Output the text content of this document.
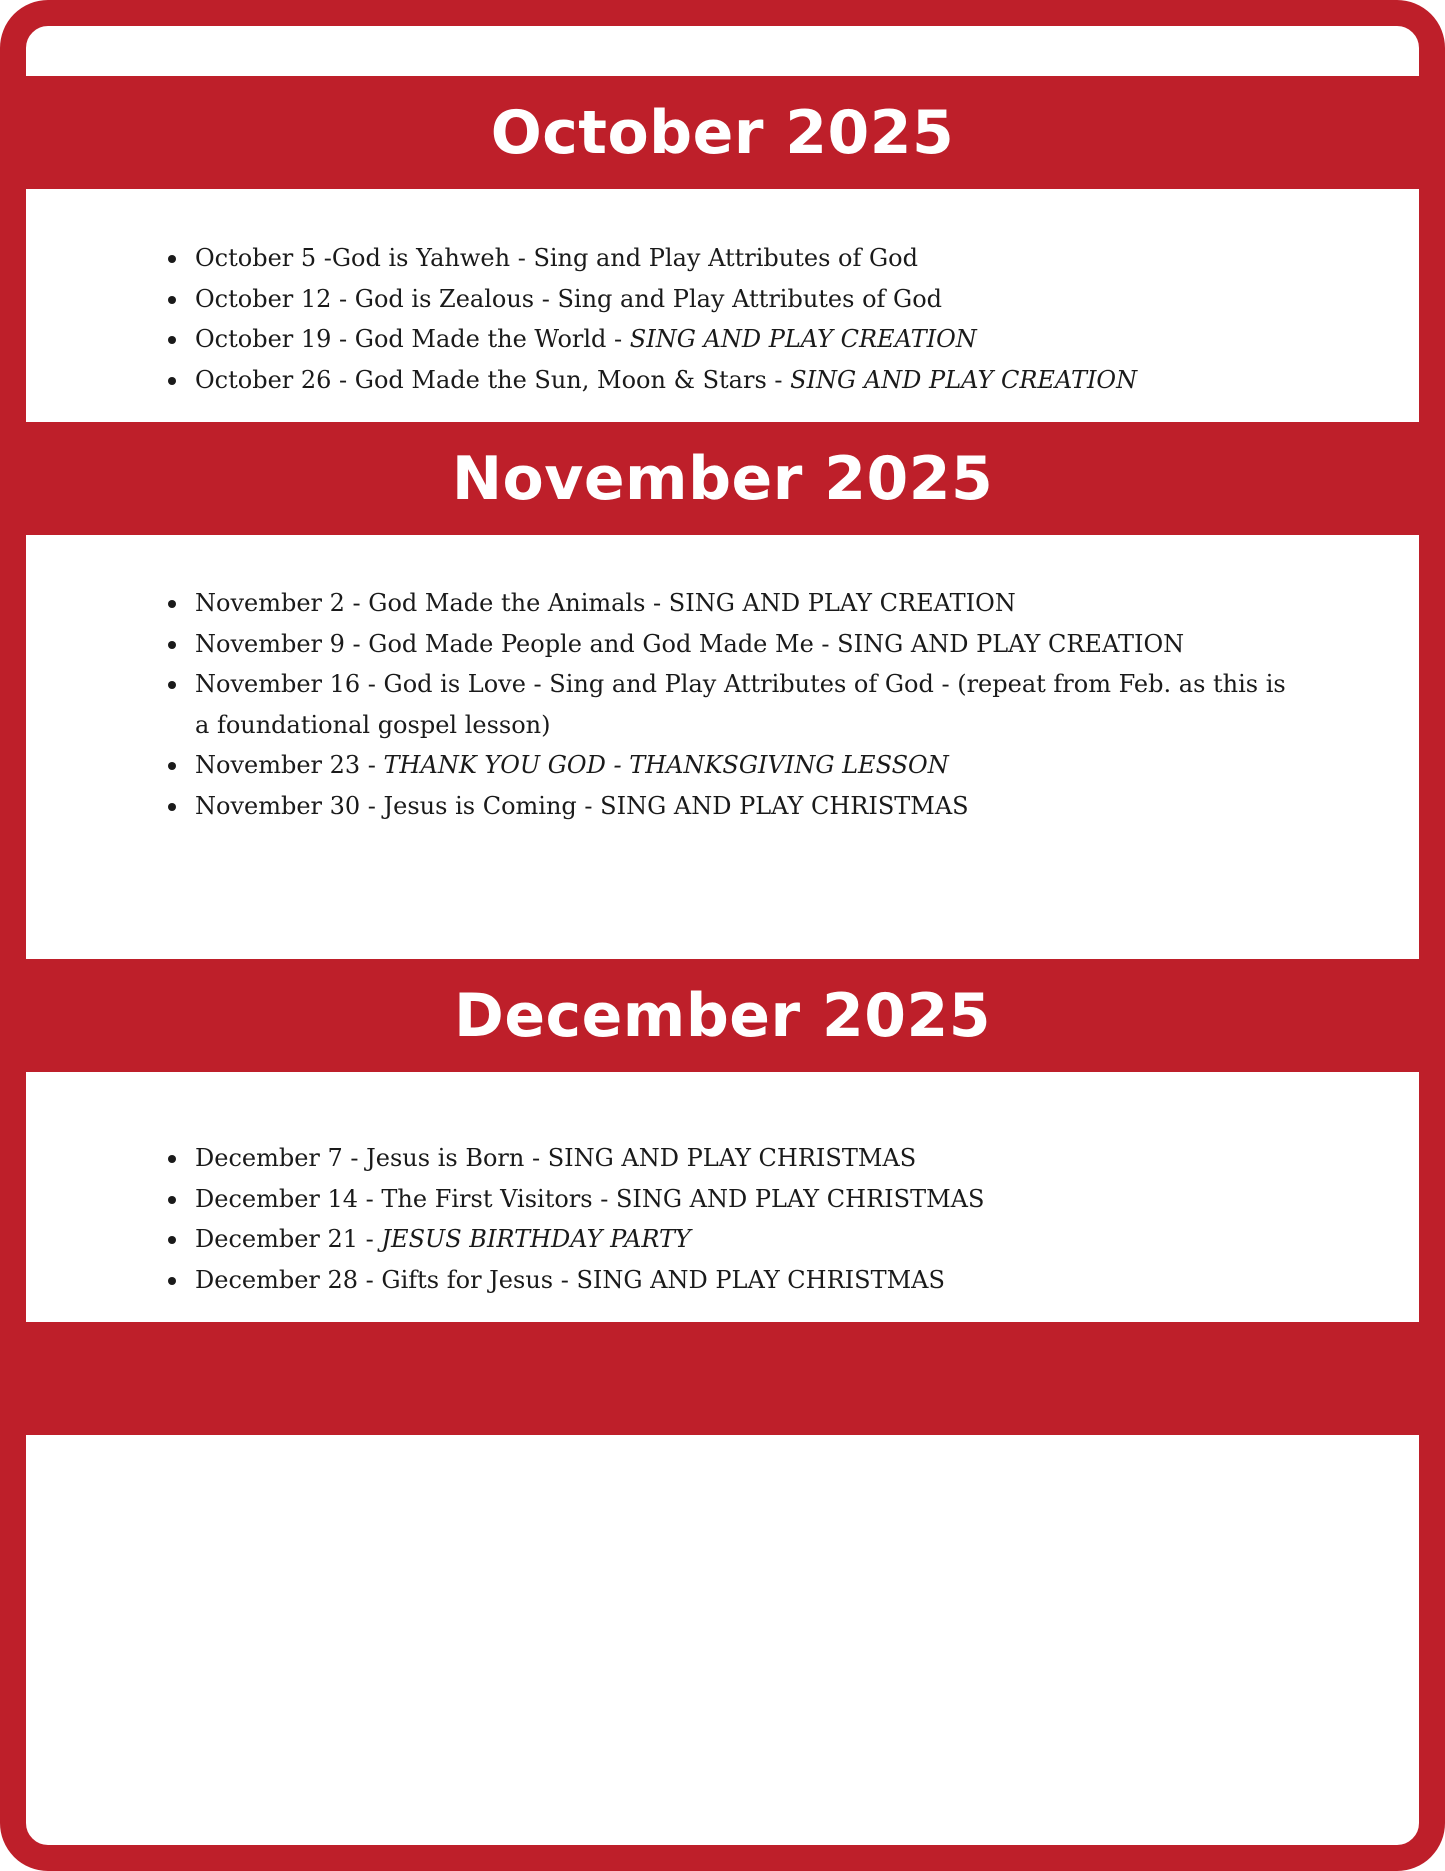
October 2025
October 5 -God is Yahweh - Sing and Play Attributes of God
October 12 - God is Zealous - Sing and Play Attributes of God
October 19 - God Made the World - SING AND PLAY CREATION
October 26 - God Made the Sun, Moon & Stars - SING AND PLAY CREATION
November 2025
November 2 - God Made the Animals - SING AND PLAY CREATION
November 9 - God Made People and God Made Me - SING AND PLAY CREATION
November 16 - God is Love - Sing and Play Attributes of God - (repeat from Feb. as this is a foundational gospel lesson)
November 23 - THANK YOU GOD - THANKSGIVING LESSON
November 30 - Jesus is Coming - SING AND PLAY CHRISTMAS
December 2025
December 7 - Jesus is Born - SING AND PLAY CHRISTMAS
December 14 - The First Visitors - SING AND PLAY CHRISTMAS
December 21 - JESUS BIRTHDAY PARTY
December 28 - Gifts for Jesus - SING AND PLAY CHRISTMAS
